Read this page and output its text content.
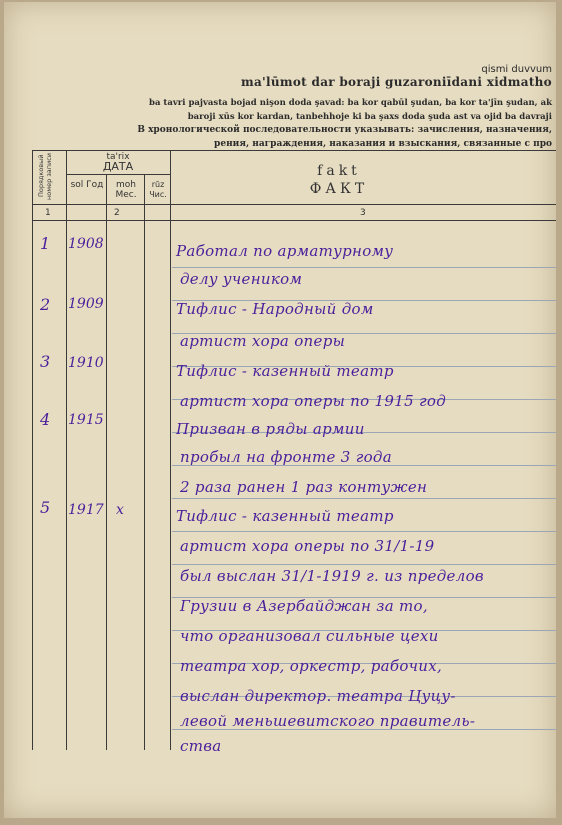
qismi duvvum
ma'lūmot dar boraji guzaroniīdani xidmatho
ba tavri pajvasta bojad nişon doda şavad: ba kor qabūl şudan, ba kor ta'jīn şudan, ak
baroji xūs kor kardan, tanbehhoje ki ba şaxs doda şuda ast va ojid ba davraji
В хронологической последовательности указывать: зачисления, назначения,
рения, награждения, наказания и взыскания, связанные с про
Порядковый номер записи	ta'rix
ДАТА
sol Год	moh Мес.
rūz Чис.
fakt
ФАКТ
1	2	3
1 1908	Работал по арматурному
делу учеником
2 1909	Тифлис - Народный дом
артист хора оперы
3 1910	Тифлис - казенный театр
артист хора оперы по 1915 год
4 1915	Призван в ряды армии
пробыл на фронте 3 года
2 раза ранен 1 раз контужен
5 1917 х	Тифлис - казенный театр
артист хора оперы по 31/1-19
был выслан 31/1-1919 г. из пределов
Грузии в Азербайджан за то,
что организовал сильные цехи
театра хор, оркестр, рабочих,
выслан директор. театра Цуцу-
левой меньшевитского правитель-
ства
